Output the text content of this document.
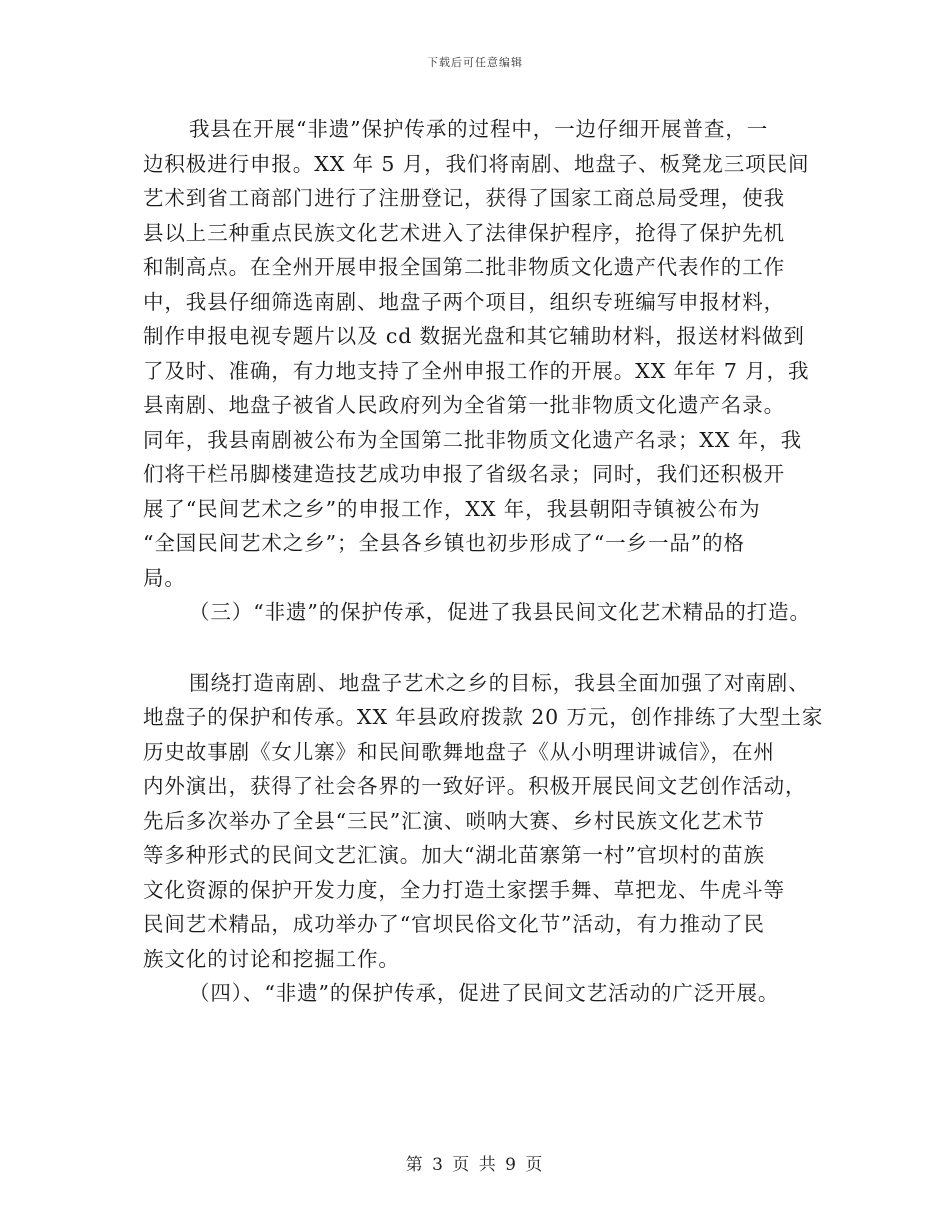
下载后可任意编辑
我县在开展“非遗”保护传承的过程中，一边仔细开展普查，一
边积极进行申报。XX 年 5 月，我们将南剧、地盘子、板凳龙三项民间
艺术到省工商部门进行了注册登记，获得了国家工商总局受理，使我
县以上三种重点民族文化艺术进入了法律保护程序，抢得了保护先机
和制高点。在全州开展申报全国第二批非物质文化遗产代表作的工作
中，我县仔细筛选南剧、地盘子两个项目，组织专班编写申报材料，
制作申报电视专题片以及 cd 数据光盘和其它辅助材料，报送材料做到
了及时、准确，有力地支持了全州申报工作的开展。XX 年年 7 月，我
县南剧、地盘子被省人民政府列为全省第一批非物质文化遗产名录。
同年，我县南剧被公布为全国第二批非物质文化遗产名录；XX 年，我
们将干栏吊脚楼建造技艺成功申报了省级名录；同时，我们还积极开
展了“民间艺术之乡”的申报工作，XX 年，我县朝阳寺镇被公布为
“全国民间艺术之乡”；全县各乡镇也初步形成了“一乡一品”的格
局。
（三）“非遗”的保护传承，促进了我县民间文化艺术精品的打造。
围绕打造南剧、地盘子艺术之乡的目标，我县全面加强了对南剧、
地盘子的保护和传承。XX 年县政府拨款 20 万元，创作排练了大型土家
历史故事剧《女儿寨》和民间歌舞地盘子《从小明理讲诚信》，在州
内外演出，获得了社会各界的一致好评。积极开展民间文艺创作活动，
先后多次举办了全县“三民”汇演、唢呐大赛、乡村民族文化艺术节
等多种形式的民间文艺汇演。加大“湖北苗寨第一村”官坝村的苗族
文化资源的保护开发力度，全力打造土家摆手舞、草把龙、牛虎斗等
民间艺术精品，成功举办了“官坝民俗文化节”活动，有力推动了民
族文化的讨论和挖掘工作。
（四）、“非遗”的保护传承，促进了民间文艺活动的广泛开展。
第 3 页 共 9 页
